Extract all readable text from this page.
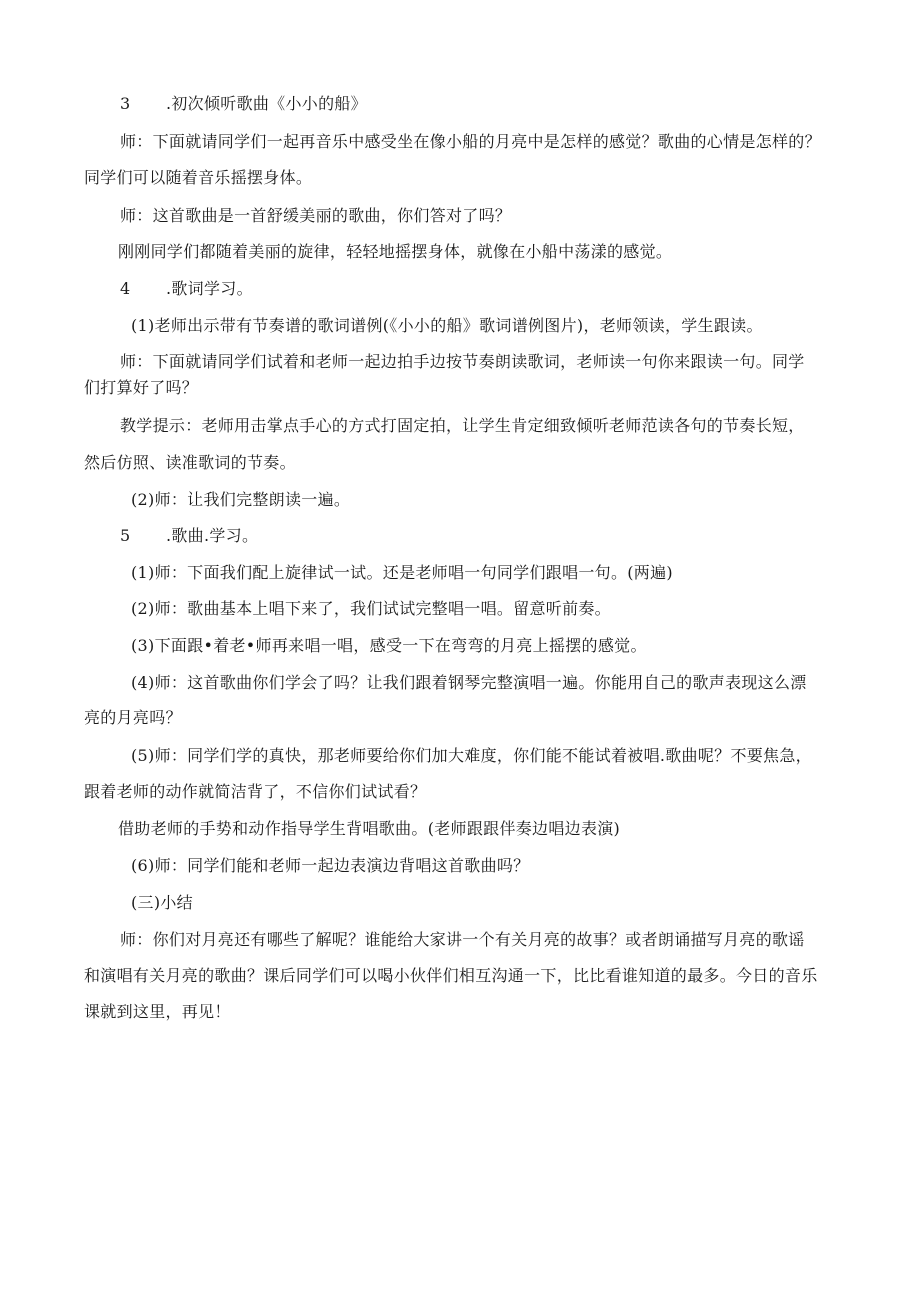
3 .初次倾听歌曲《小小的船》
师：下面就请同学们一起再音乐中感受坐在像小船的月亮中是怎样的感觉？歌曲的心情是怎样的？
同学们可以随着音乐摇摆身体。
师：这首歌曲是一首舒缓美丽的歌曲，你们答对了吗？
刚刚同学们都随着美丽的旋律，轻轻地摇摆身体，就像在小船中荡漾的感觉。
4 .歌词学习。
(1)老师出示带有节奏谱的歌词谱例(《小小的船》歌词谱例图片)，老师领读，学生跟读。
师：下面就请同学们试着和老师一起边拍手边按节奏朗读歌词，老师读一句你来跟读一句。同学
们打算好了吗？
教学提示：老师用击掌点手心的方式打固定拍，让学生肯定细致倾听老师范读各句的节奏长短，
然后仿照、读准歌词的节奏。
(2)师：让我们完整朗读一遍。
5 .歌曲.学习。
(1)师：下面我们配上旋律试一试。还是老师唱一句同学们跟唱一句。(两遍)
(2)师：歌曲基本上唱下来了，我们试试完整唱一唱。留意听前奏。
(3)下面跟•着老•师再来唱一唱，感受一下在弯弯的月亮上摇摆的感觉。
(4)师：这首歌曲你们学会了吗？让我们跟着钢琴完整演唱一遍。你能用自己的歌声表现这么漂
亮的月亮吗？
(5)师：同学们学的真快，那老师要给你们加大难度，你们能不能试着被唱.歌曲呢？不要焦急，
跟着老师的动作就简洁背了，不信你们试试看？
借助老师的手势和动作指导学生背唱歌曲。(老师跟跟伴奏边唱边表演)
(6)师：同学们能和老师一起边表演边背唱这首歌曲吗？
(三)小结
师：你们对月亮还有哪些了解呢？谁能给大家讲一个有关月亮的故事？或者朗诵描写月亮的歌谣
和演唱有关月亮的歌曲？课后同学们可以喝小伙伴们相互沟通一下，比比看谁知道的最多。今日的音乐
课就到这里，再见！
